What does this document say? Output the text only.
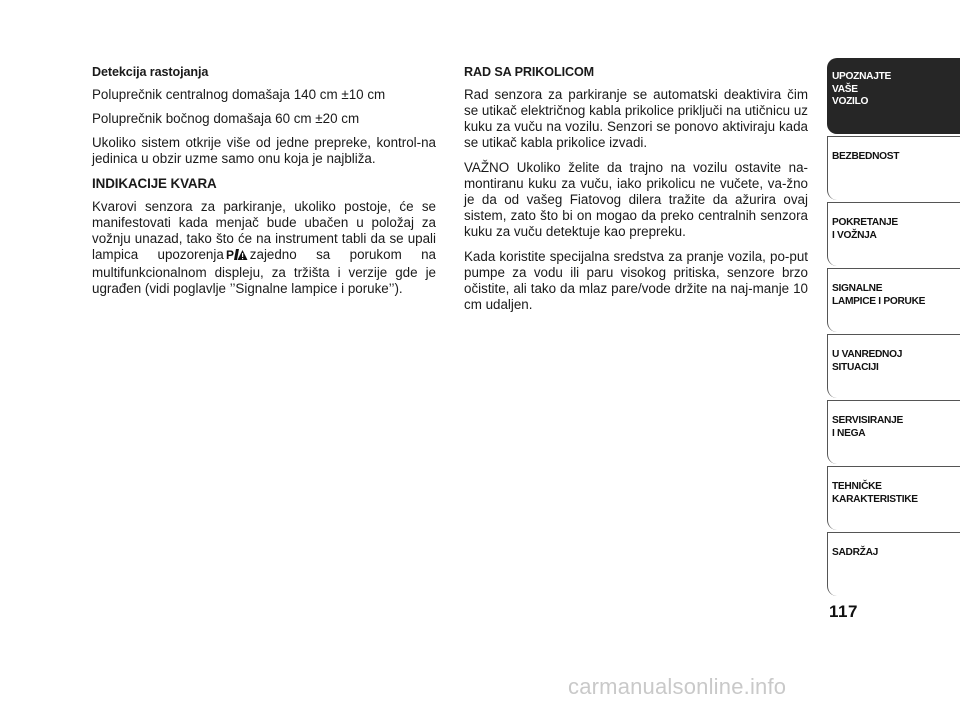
Detekcija rastojanja

Poluprečnik centralnog domašaja 140 cm ±10 cm

Poluprečnik bočnog domašaja 60 cm ±20 cm

Ukoliko sistem otkrije više od jedne prepreke, kontrol-na jedinica u obzir uzme samo onu koja je najbliža.

INDIKACIJE KVARA

Kvarovi senzora za parkiranje, ukoliko postoje, će se manifestovati kada menjač bude ubačen u položaj za vožnju unazad, tako što će na instrument tabli da se upali lampica upozorenja P zajedno sa porukom na multifunkcionalnom displeju, za tržišta i verzije gde je ugrađen (vidi poglavlje ’’Signalne lampice i poruke’’).

RAD SA PRIKOLICOM

Rad senzora za parkiranje se automatski deaktivira čim se utikač električnog kabla prikolice priključi na utičnicu uz kuku za vuču na vozilu. Senzori se ponovo aktiviraju kada se utikač kabla prikolice izvadi.

VAŽNO Ukoliko želite da trajno na vozilu ostavite na-montiranu kuku za vuču, iako prikolicu ne vučete, va-žno je da od vašeg Fiatovog dilera tražite da ažurira ovaj sistem, zato što bi on mogao da preko centralnih senzora kuku za vuču detektuje kao prepreku.

Kada koristite specijalna sredstva za pranje vozila, po-put pumpe za vodu ili paru visokog pritiska, senzore brzo očistite, ali tako da mlaz pare/vode držite na naj-manje 10 cm udaljen.

UPOZNAJTE
VAŠE
VOZILO
BEZBEDNOST
POKRETANJE
I VOŽNJA
SIGNALNE
LAMPICE I PORUKE
U VANREDNOJ
SITUACIJI
SERVISIRANJE
I NEGA
TEHNIČKE
KARAKTERISTIKE
SADRŽAJ
117
carmanualsonline.info
